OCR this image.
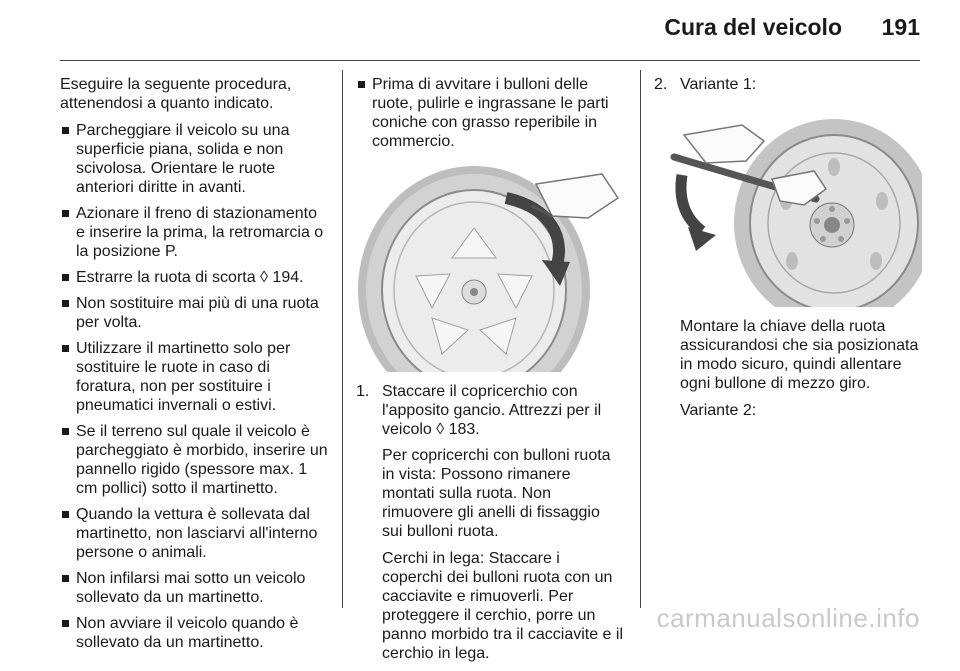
Cura del veicolo 191

Eseguire la seguente procedura, attenendosi a quanto indicato.

Parcheggiare il veicolo su una superficie piana, solida e non scivolosa. Orientare le ruote anteriori diritte in avanti.
Azionare il freno di stazionamento e inserire la prima, la retromarcia o la posizione P.
Estrarre la ruota di scorta ◊ 194.
Non sostituire mai più di una ruota per volta.
Utilizzare il martinetto solo per sostituire le ruote in caso di foratura, non per sostituire i pneumatici invernali o estivi.
Se il terreno sul quale il veicolo è parcheggiato è morbido, inserire un pannello rigido (spessore max. 1 cm pollici) sotto il martinetto.
Quando la vettura è sollevata dal martinetto, non lasciarvi all'interno persone o animali.
Non infilarsi mai sotto un veicolo sollevato da un martinetto.
Non avviare il veicolo quando è sollevato da un martinetto.
Prima di avvitare i bulloni delle ruote, pulirle e ingrassane le parti coniche con grasso reperibile in commercio.
1. Staccare il copricerchio con l'apposito gancio. Attrezzi per il veicolo ◊ 183.

Per copricerchi con bulloni ruota in vista: Possono rimanere montati sulla ruota. Non rimuovere gli anelli di fissaggio sui bulloni ruota.

Cerchi in lega: Staccare i coperchi dei bulloni ruota con un cacciavite e rimuoverli. Per proteggere il cerchio, porre un panno morbido tra il cacciavite e il cerchio in lega.

2. Variante 1:

Montare la chiave della ruota assicurandosi che sia posizionata in modo sicuro, quindi allentare ogni bullone di mezzo giro.

Variante 2:

carmanualsonline.info
